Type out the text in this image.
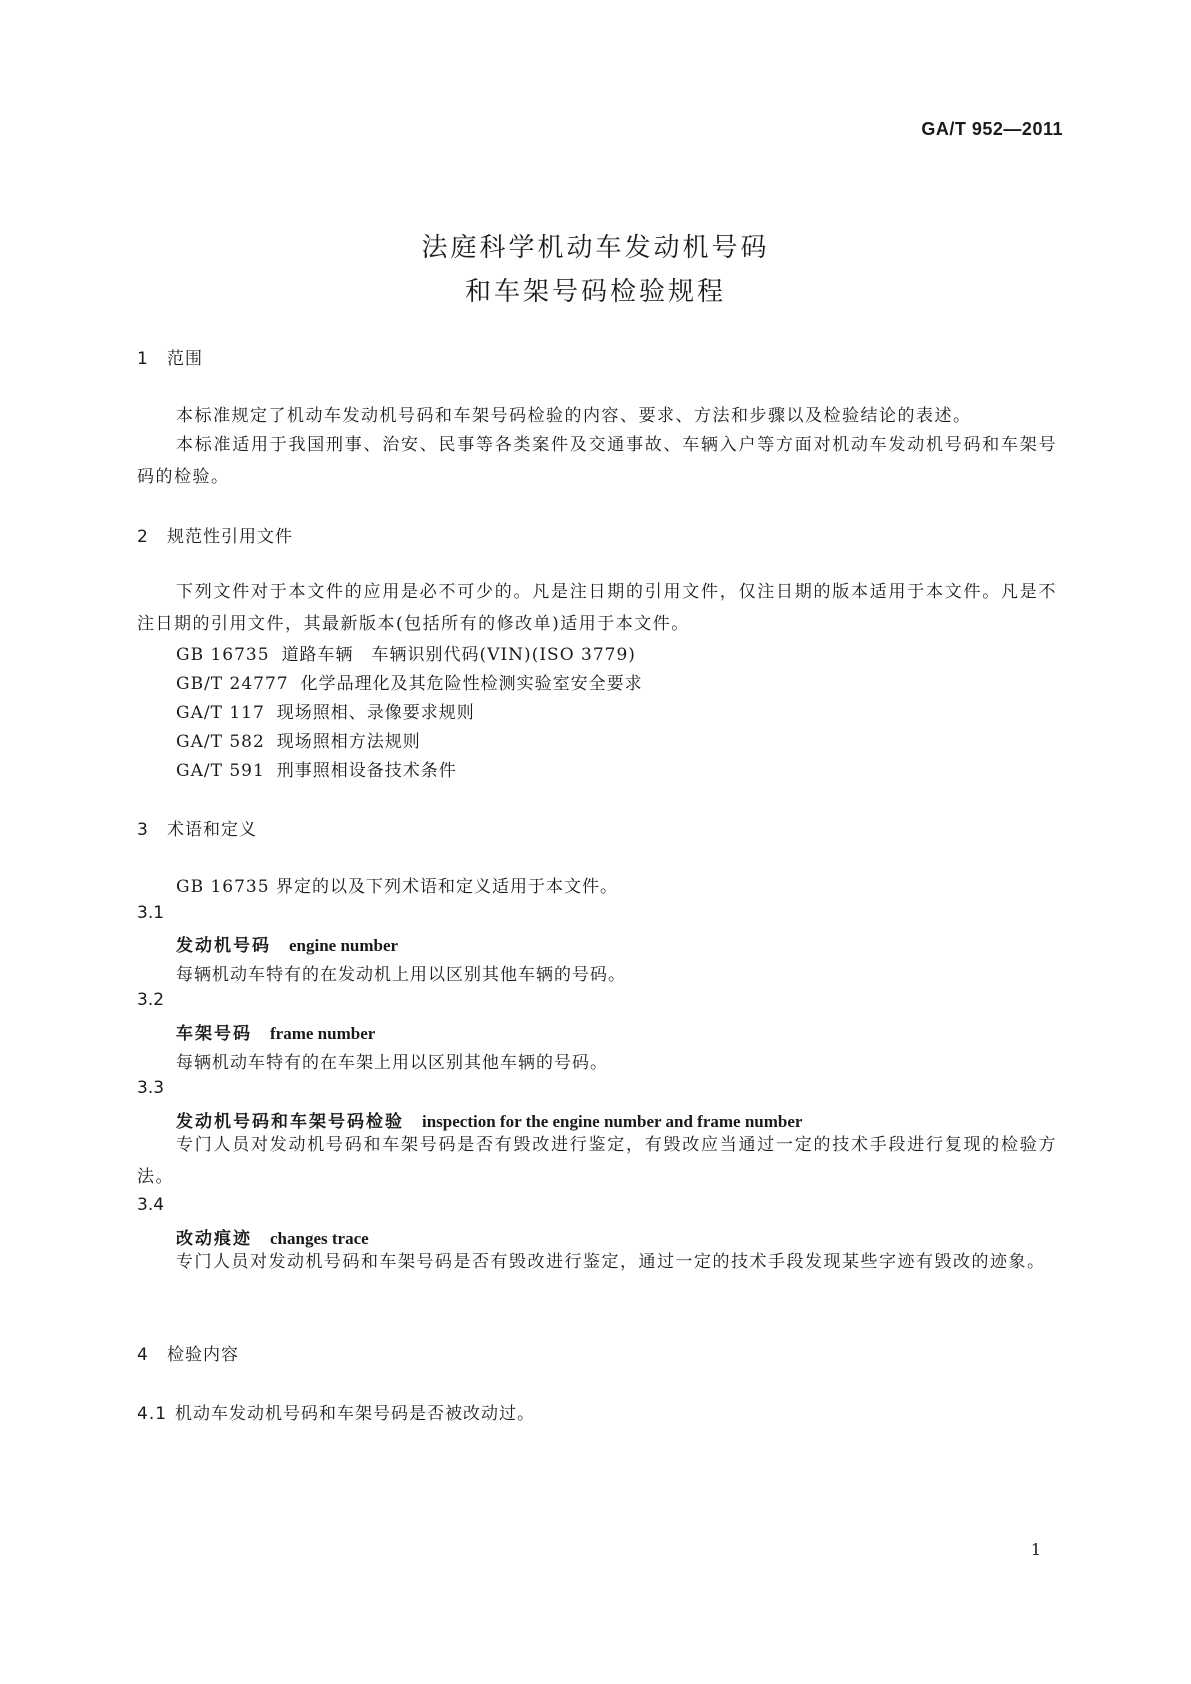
GA/T 952—2011
法庭科学机动车发动机号码
和车架号码检验规程
1 范围
本标准规定了机动车发动机号码和车架号码检验的内容、要求、方法和步骤以及检验结论的表述。
本标准适用于我国刑事、治安、民事等各类案件及交通事故、车辆入户等方面对机动车发动机号码和车架号码的检验。
2 规范性引用文件
下列文件对于本文件的应用是必不可少的。凡是注日期的引用文件，仅注日期的版本适用于本文件。凡是不注日期的引用文件，其最新版本(包括所有的修改单)适用于本文件。
GB 16735 道路车辆　车辆识别代码(VIN)(ISO 3779)
GB/T 24777 化学品理化及其危险性检测实验室安全要求
GA/T 117 现场照相、录像要求规则
GA/T 582 现场照相方法规则
GA/T 591 刑事照相设备技术条件
3 术语和定义
GB 16735 界定的以及下列术语和定义适用于本文件。
3.1
发动机号码 engine number
每辆机动车特有的在发动机上用以区别其他车辆的号码。
3.2
车架号码 frame number
每辆机动车特有的在车架上用以区别其他车辆的号码。
3.3
发动机号码和车架号码检验 inspection for the engine number and frame number
专门人员对发动机号码和车架号码是否有毁改进行鉴定，有毁改应当通过一定的技术手段进行复现的检验方法。
3.4
改动痕迹 changes trace
专门人员对发动机号码和车架号码是否有毁改进行鉴定，通过一定的技术手段发现某些字迹有毁改的迹象。
4 检验内容
4.1 机动车发动机号码和车架号码是否被改动过。
1
